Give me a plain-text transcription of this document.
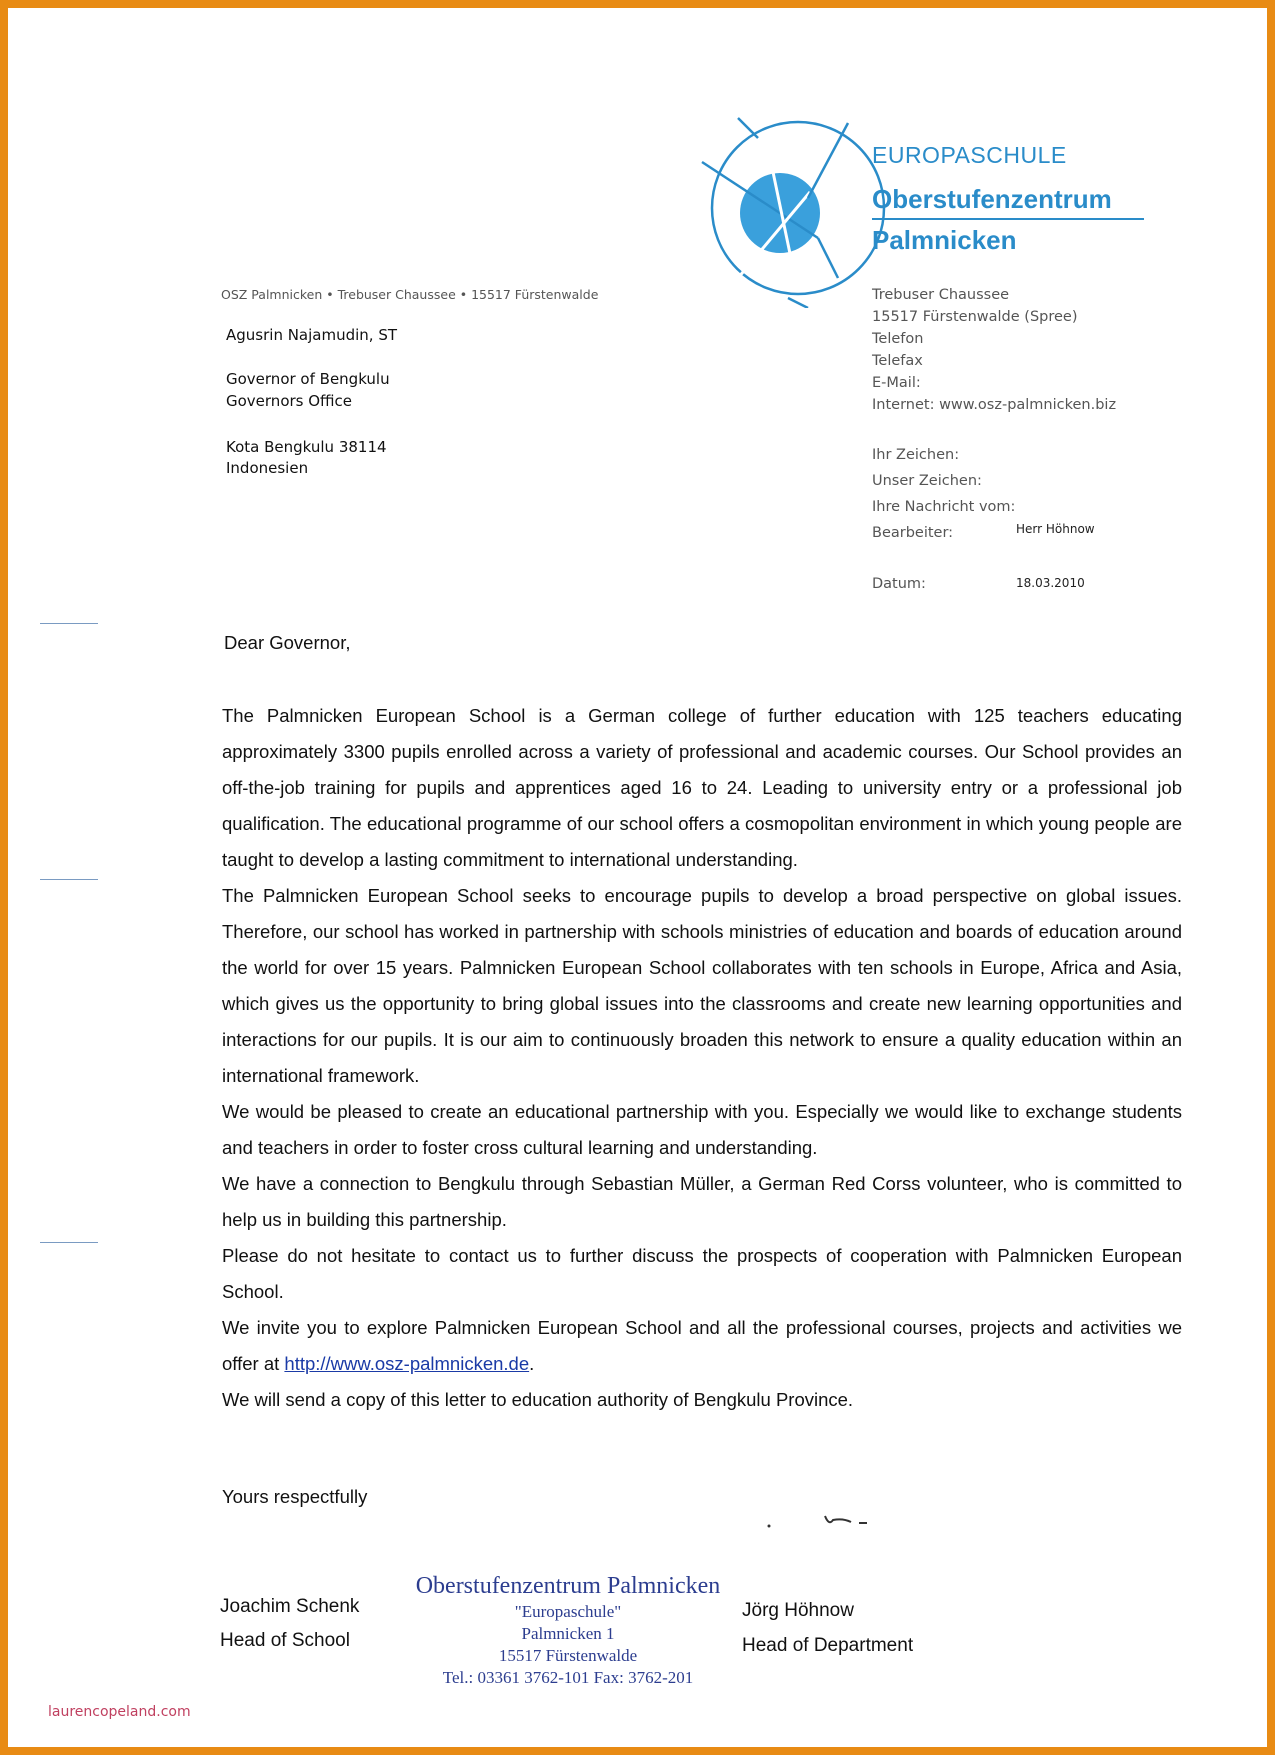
EUROPASCHULE
Oberstufenzentrum
Palmnicken
OSZ Palmnicken • Trebuser Chaussee • 15517 Fürstenwalde
Agusrin Najamudin, ST
Governor of Bengkulu
Governors Office
Kota Bengkulu 38114
Indonesien
Trebuser Chaussee
15517 Fürstenwalde (Spree)
Telefon
Telefax
E-Mail:
Internet: www.osz-palmnicken.biz
Ihr Zeichen:
Unser Zeichen:
Ihre Nachricht vom:
Bearbeiter:	Herr Höhnow
Datum:	18.03.2010
Dear Governor,

The Palmnicken European School is a German college of further education with 125 teachers educating approximately 3300 pupils enrolled across a variety of professional and academic courses. Our School provides an off-the-job training for pupils and apprentices aged 16 to 24. Leading to university entry or a professional job qualification. The educational programme of our school offers a cosmopolitan environment in which young people are taught to develop a lasting commitment to international understanding.

The Palmnicken European School seeks to encourage pupils to develop a broad perspective on global issues. Therefore, our school has worked in partnership with schools ministries of education and boards of education around the world for over 15 years. Palmnicken European School collaborates with ten schools in Europe, Africa and Asia, which gives us the opportunity to bring global issues into the classrooms and create new learning opportunities and interactions for our pupils. It is our aim to continuously broaden this network to ensure a quality education within an international framework.

We would be pleased to create an educational partnership with you. Especially we would like to exchange students and teachers in order to foster cross cultural learning and understanding.

We have a connection to Bengkulu through Sebastian Müller, a German Red Corss volunteer, who is committed to help us in building this partnership.

Please do not hesitate to contact us to further discuss the prospects of cooperation with Palmnicken European School.

We invite you to explore Palmnicken European School and all the professional courses, projects and activities we offer at http://www.osz-palmnicken.de.

We will send a copy of this letter to education authority of Bengkulu Province.

Yours respectfully
Joachim Schenk
Head of School
Jörg Höhnow
Head of Department
Oberstufenzentrum Palmnicken
"Europaschule"
Palmnicken 1
15517 Fürstenwalde
Tel.: 03361 3762-101 Fax: 3762-201
laurencopeland.com
